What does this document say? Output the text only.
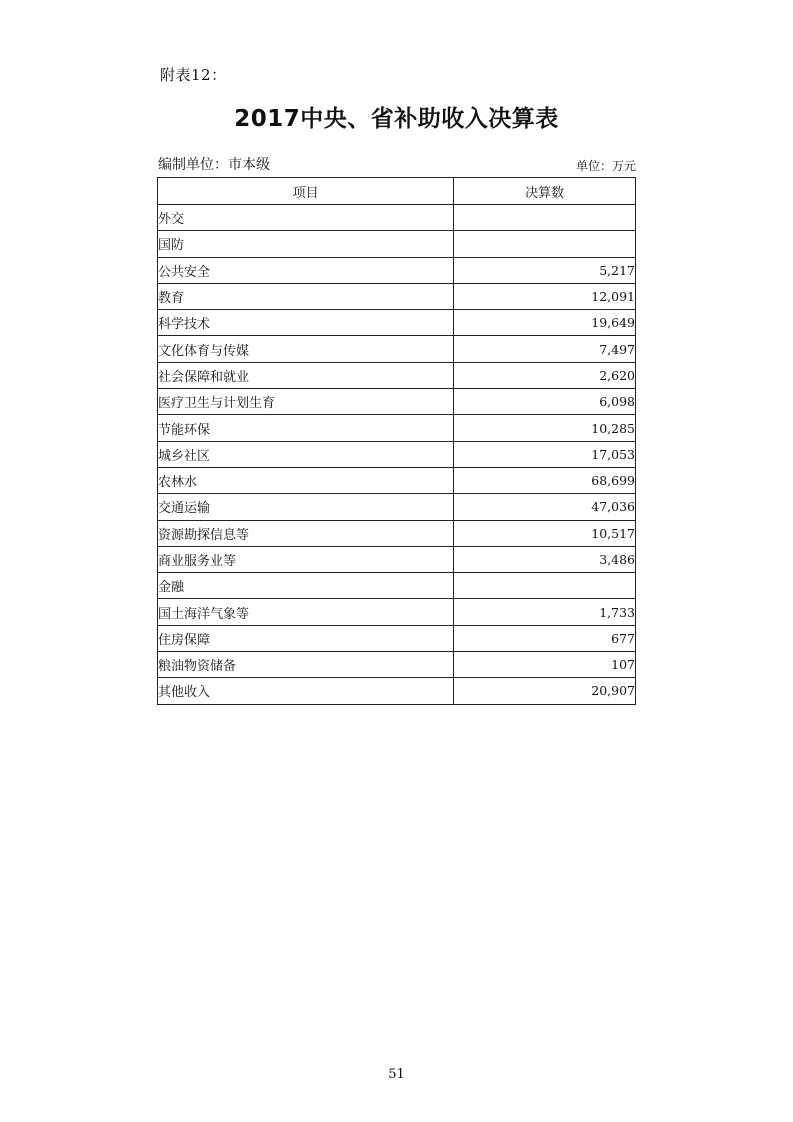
附表12：
2017中央、省补助收入决算表
编制单位：市本级	单位：万元
项目	决算数
外交	
国防	
公共安全	5,217
教育	12,091
科学技术	19,649
文化体育与传媒	7,497
社会保障和就业	2,620
医疗卫生与计划生育	6,098
节能环保	10,285
城乡社区	17,053
农林水	68,699
交通运输	47,036
资源勘探信息等	10,517
商业服务业等	3,486
金融	
国土海洋气象等	1,733
住房保障	677
粮油物资储备	107
其他收入	20,907
51
